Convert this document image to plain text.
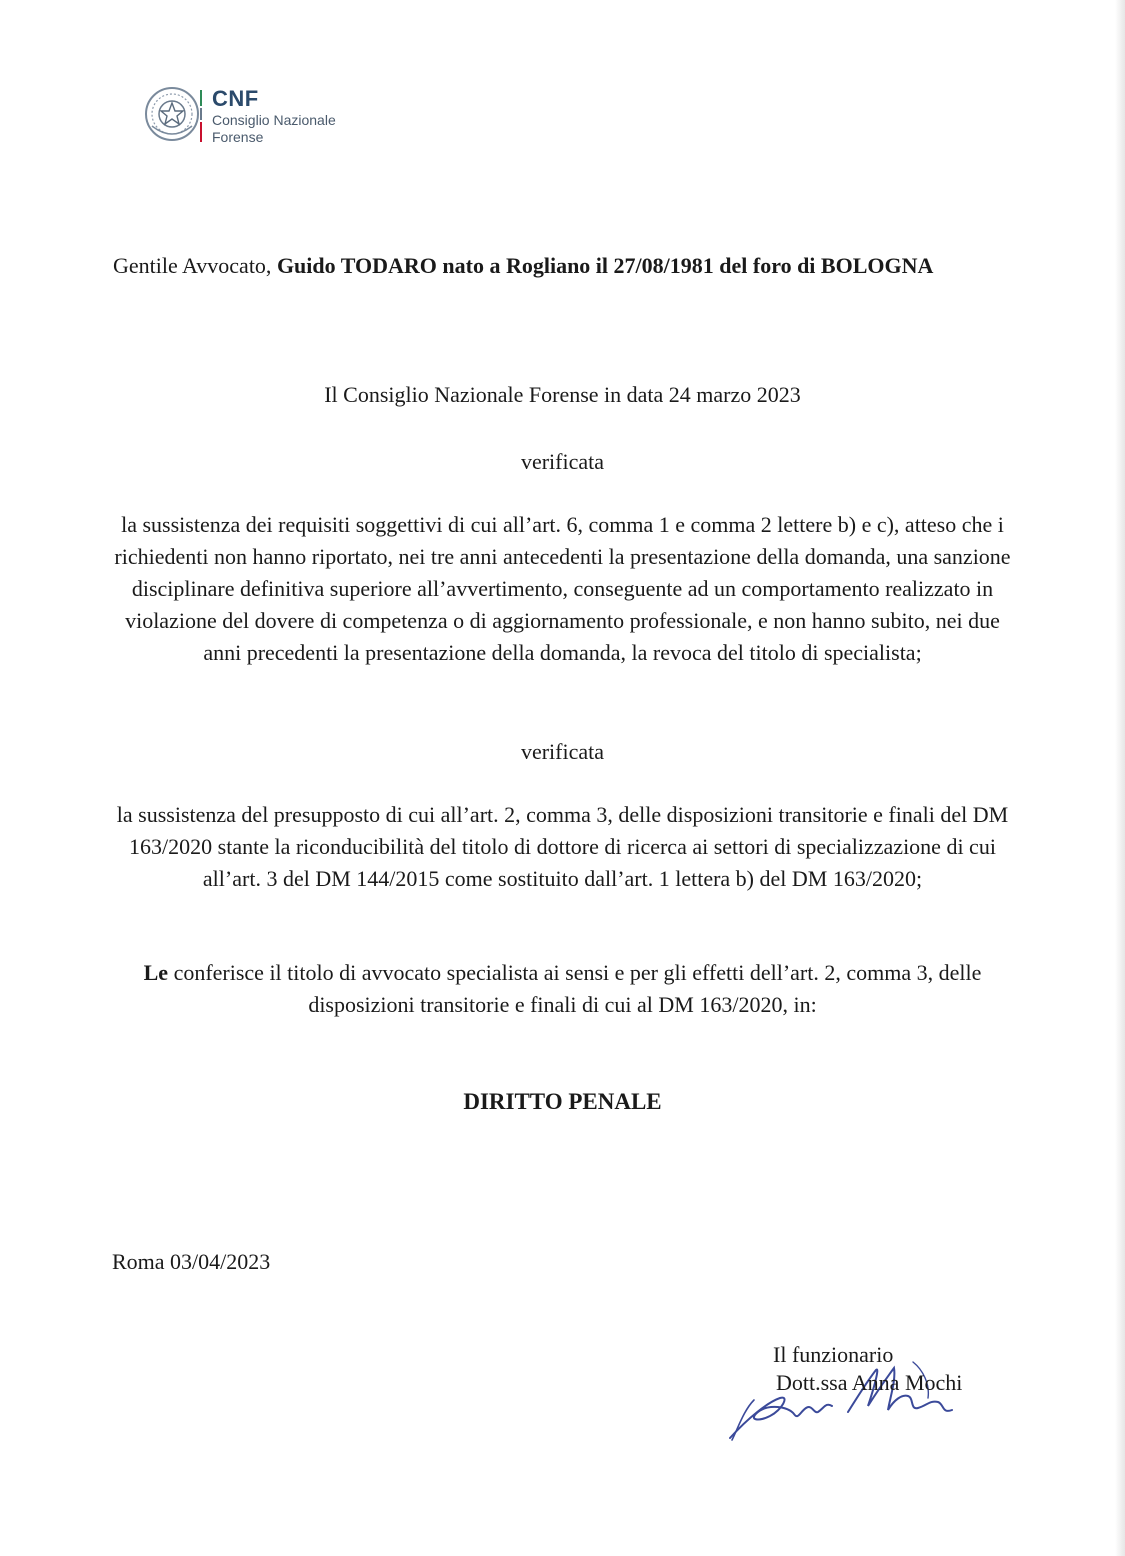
CNF
Consiglio Nazionale
Forense
Gentile Avvocato, Guido TODARO nato a Rogliano il 27/08/1981 del foro di BOLOGNA
Il Consiglio Nazionale Forense in data 24 marzo 2023
verificata
la sussistenza dei requisiti soggettivi di cui all’art. 6, comma 1 e comma 2 lettere b) e c), atteso che i richiedenti non hanno riportato, nei tre anni antecedenti la presentazione della domanda, una sanzione disciplinare definitiva superiore all’avvertimento, conseguente ad un comportamento realizzato in violazione del dovere di competenza o di aggiornamento professionale, e non hanno subito, nei due anni precedenti la presentazione della domanda, la revoca del titolo di specialista;
verificata
la sussistenza del presupposto di cui all’art. 2, comma 3, delle disposizioni transitorie e finali del DM 163/2020 stante la riconducibilità del titolo di dottore di ricerca ai settori di specializzazione di cui all’art. 3 del DM 144/2015 come sostituito dall’art. 1 lettera b) del DM 163/2020;
Le conferisce il titolo di avvocato specialista ai sensi e per gli effetti dell’art. 2, comma 3, delle disposizioni transitorie e finali di cui al DM 163/2020, in:
DIRITTO PENALE
Roma 03/04/2023
Il funzionario
Dott.ssa Anna Mochi
